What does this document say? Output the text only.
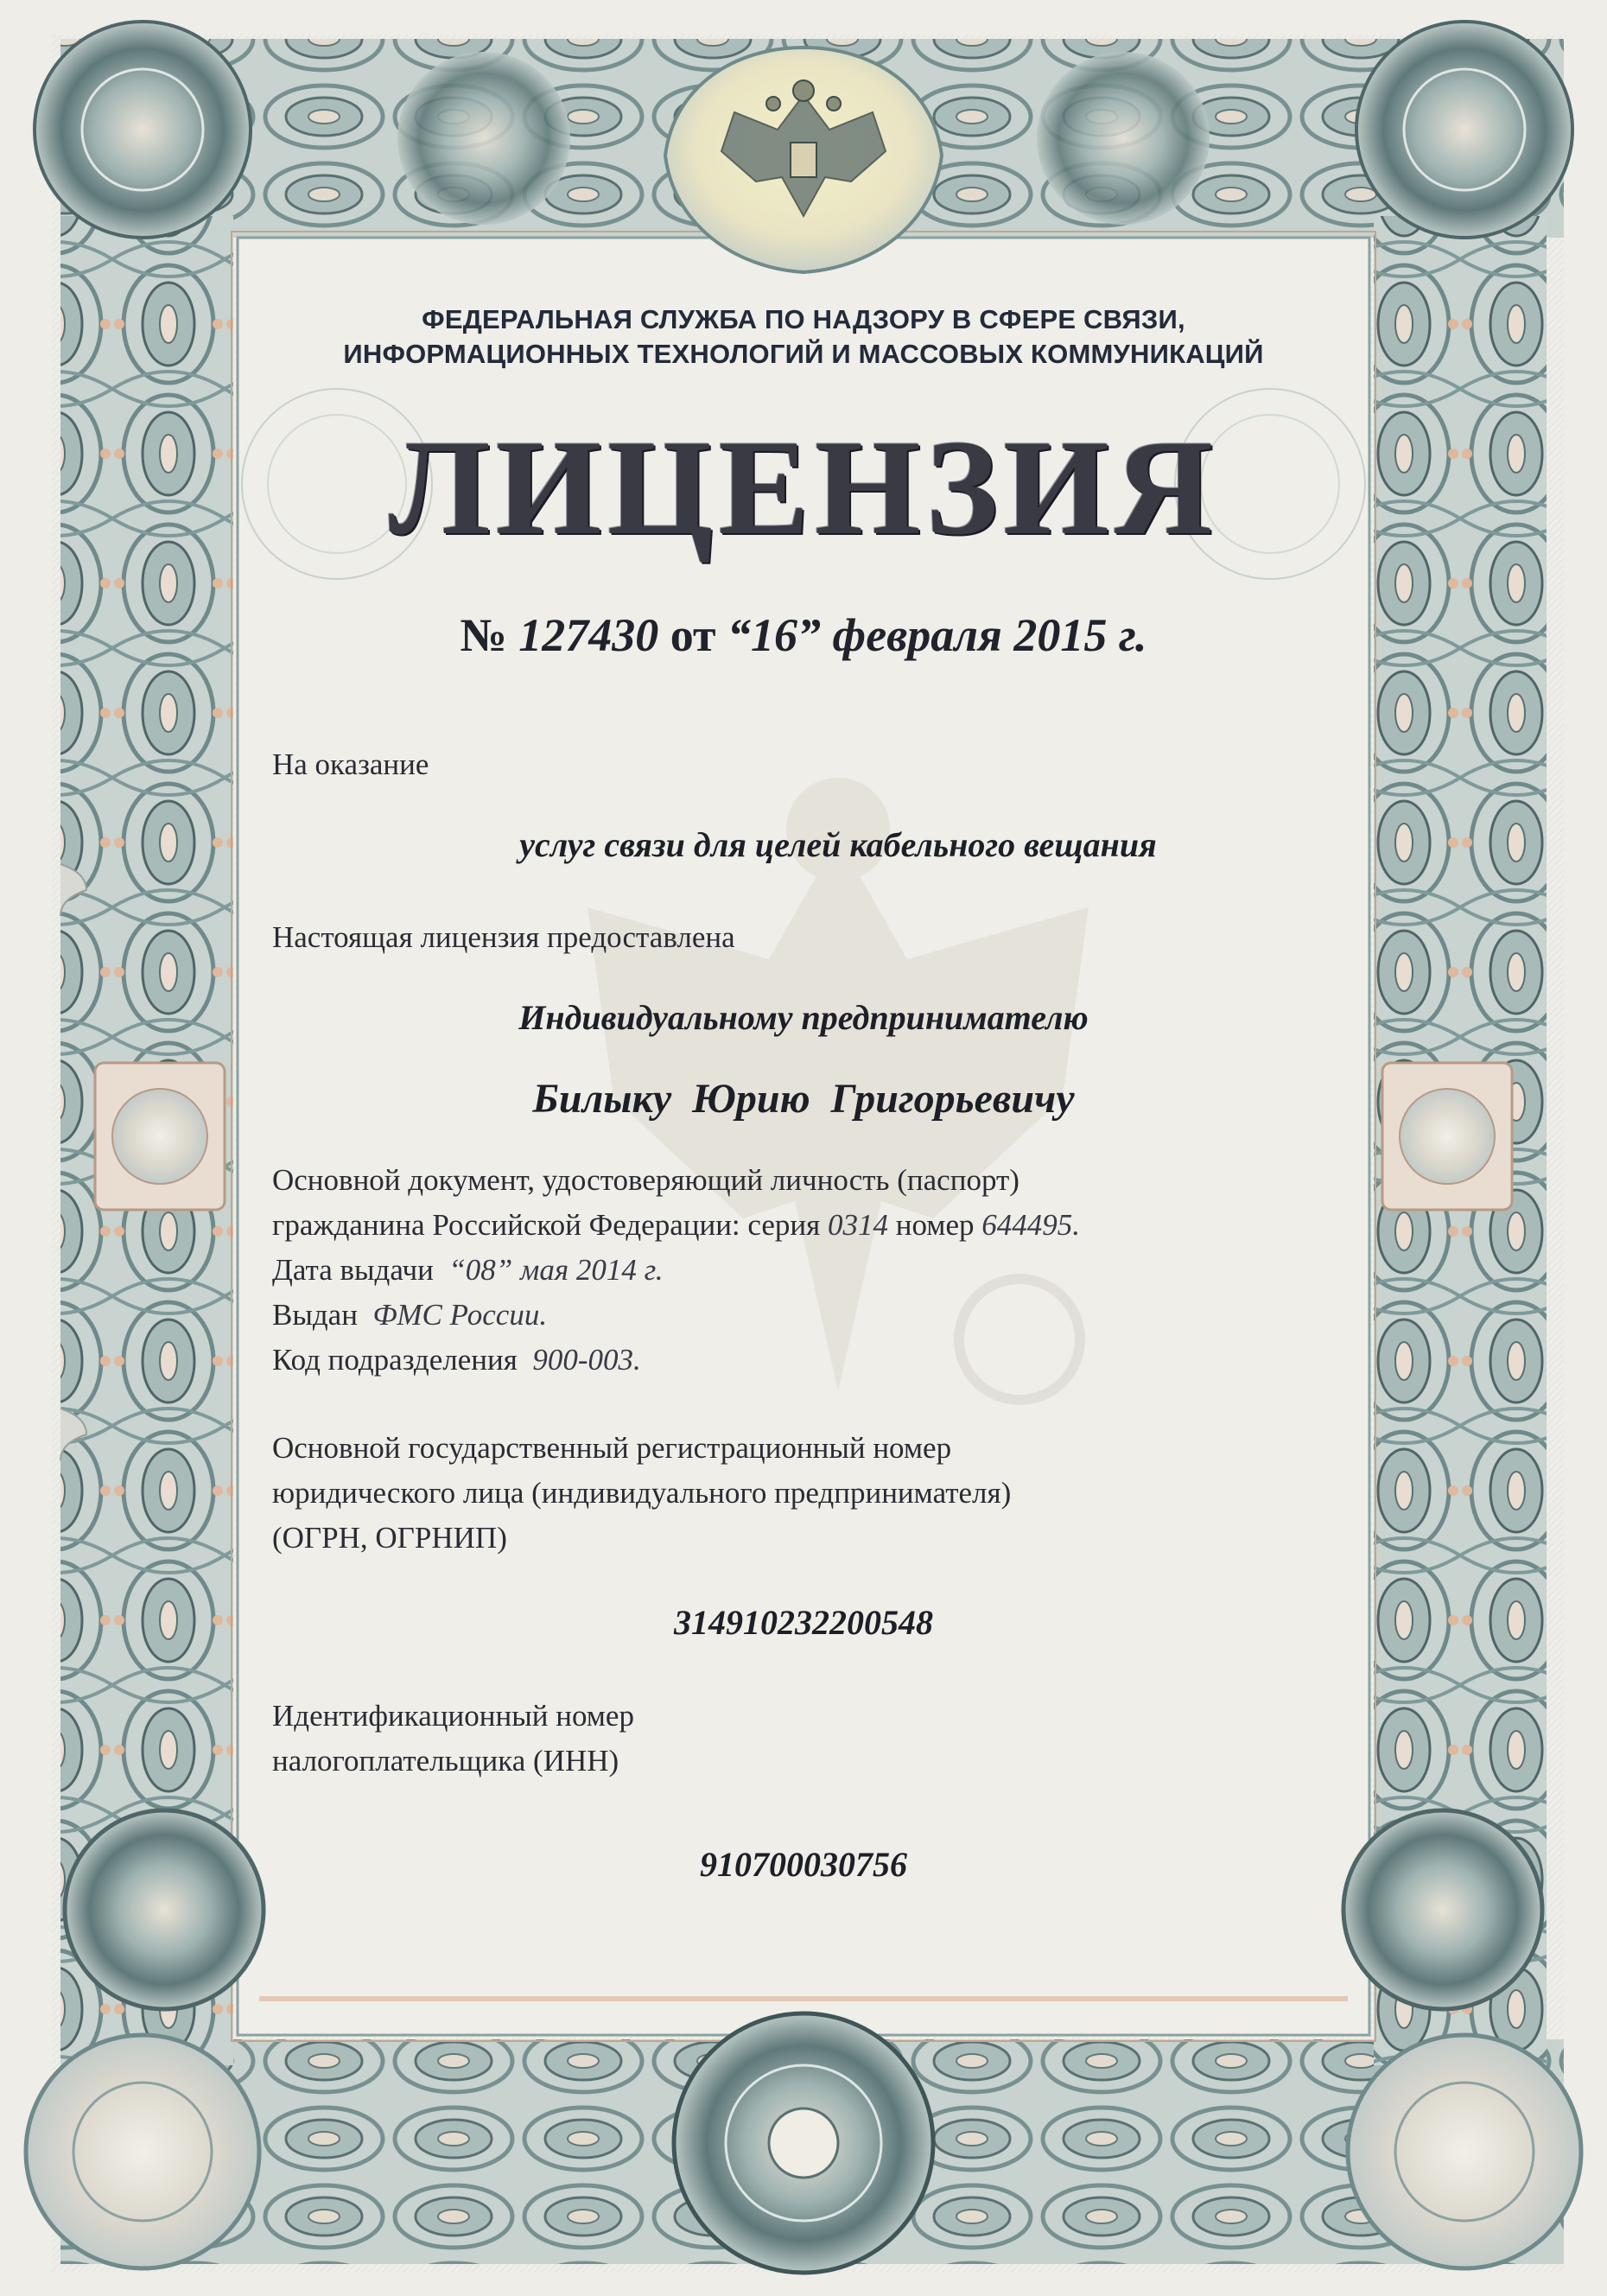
ФЕДЕРАЛЬНАЯ СЛУЖБА ПО НАДЗОРУ В СФЕРЕ СВЯЗИ,
ИНФОРМАЦИОННЫХ ТЕХНОЛОГИЙ И МАССОВЫХ КОММУНИКАЦИЙ
ЛИЦЕНЗИЯ
№ 127430 от “16” февраля 2015 г.
На оказание
услуг связи для целей кабельного вещания
Настоящая лицензия предоставлена
Индивидуальному предпринимателю
Билыку  Юрию  Григорьевичу
Основной документ, удостоверяющий личность (паспорт)
гражданина Российской Федерации: серия 0314 номер 644495.
Дата выдачи “08” мая 2014 г.
Выдан ФМС России.
Код подразделения 900-003.
Основной государственный регистрационный номер
юридического лица (индивидуального предпринимателя)
(ОГРН, ОГРНИП)
314910232200548
Идентификационный номер
налогоплательщика (ИНН)
910700030756
